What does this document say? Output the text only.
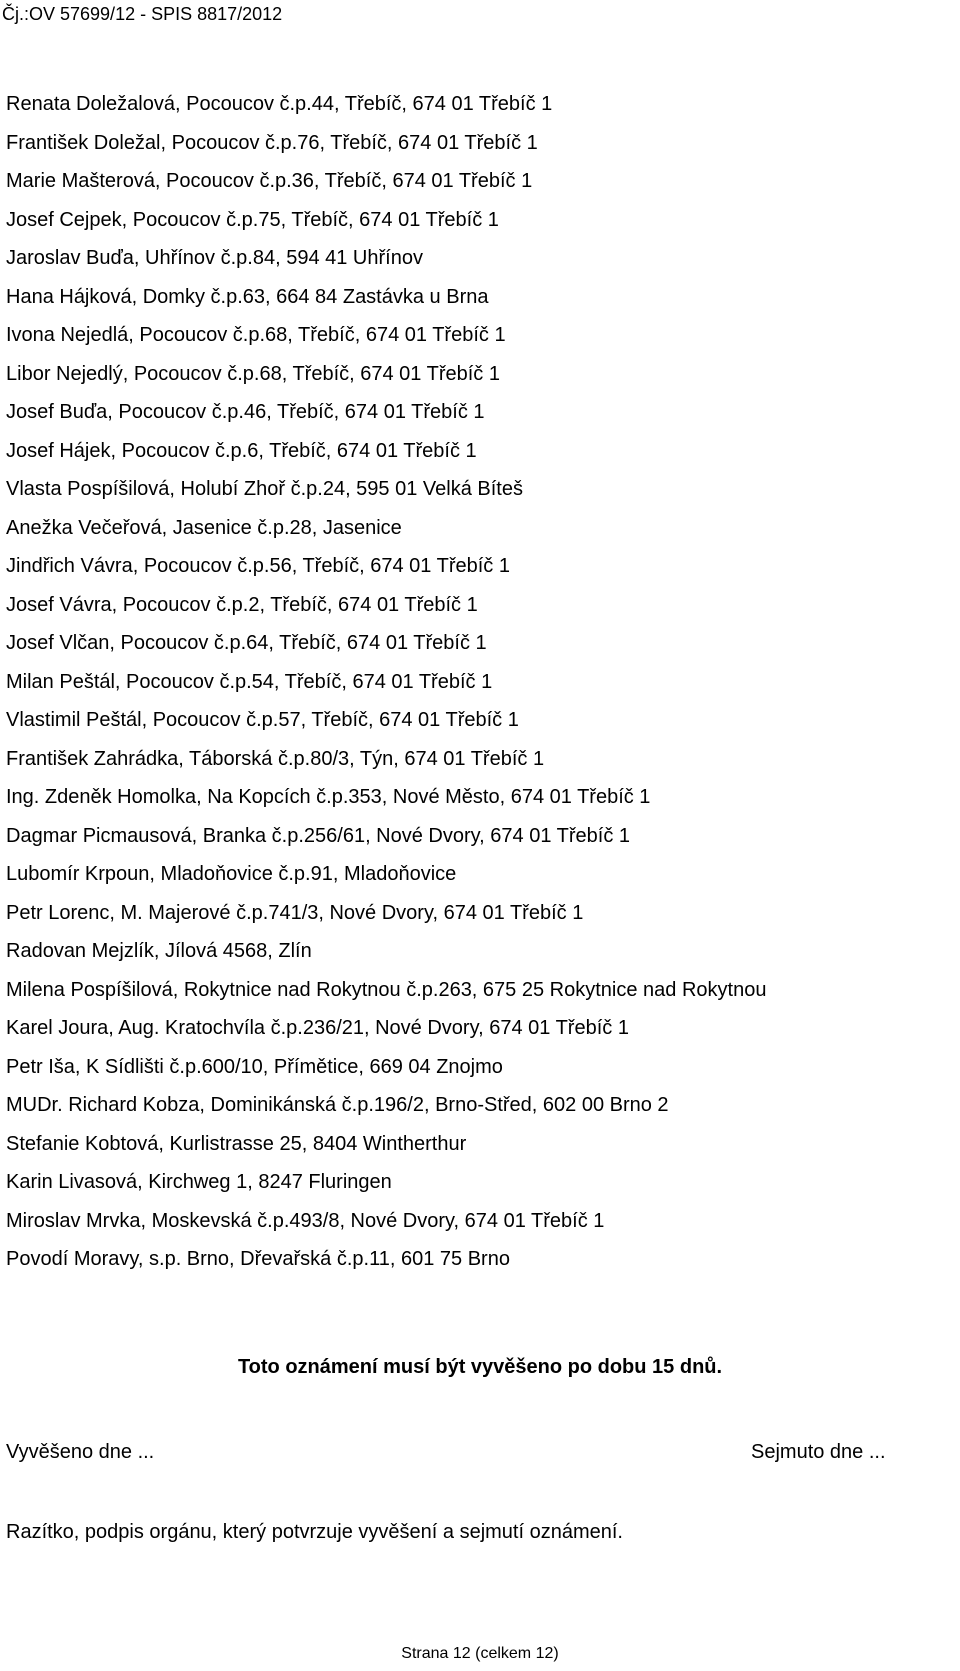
Čj.:OV 57699/12 - SPIS 8817/2012
Renata Doležalová, Pocoucov č.p.44, Třebíč, 674 01 Třebíč 1
František Doležal, Pocoucov č.p.76, Třebíč, 674 01 Třebíč 1
Marie Mašterová, Pocoucov č.p.36, Třebíč, 674 01 Třebíč 1
Josef Cejpek, Pocoucov č.p.75, Třebíč, 674 01 Třebíč 1
Jaroslav Buďa, Uhřínov č.p.84, 594 41 Uhřínov
Hana Hájková, Domky č.p.63, 664 84 Zastávka u Brna
Ivona Nejedlá, Pocoucov č.p.68, Třebíč, 674 01 Třebíč 1
Libor Nejedlý, Pocoucov č.p.68, Třebíč, 674 01 Třebíč 1
Josef Buďa, Pocoucov č.p.46, Třebíč, 674 01 Třebíč 1
Josef Hájek, Pocoucov č.p.6, Třebíč, 674 01 Třebíč 1
Vlasta Pospíšilová, Holubí Zhoř č.p.24, 595 01 Velká Bíteš
Anežka Večeřová, Jasenice č.p.28, Jasenice
Jindřich Vávra, Pocoucov č.p.56, Třebíč, 674 01 Třebíč 1
Josef Vávra, Pocoucov č.p.2, Třebíč, 674 01 Třebíč 1
Josef Vlčan, Pocoucov č.p.64, Třebíč, 674 01 Třebíč 1
Milan Peštál, Pocoucov č.p.54, Třebíč, 674 01 Třebíč 1
Vlastimil Peštál, Pocoucov č.p.57, Třebíč, 674 01 Třebíč 1
František Zahrádka, Táborská č.p.80/3, Týn, 674 01 Třebíč 1
Ing. Zdeněk Homolka, Na Kopcích č.p.353, Nové Město, 674 01 Třebíč 1
Dagmar Picmausová, Branka č.p.256/61, Nové Dvory, 674 01 Třebíč 1
Lubomír Krpoun, Mladoňovice č.p.91, Mladoňovice
Petr Lorenc, M. Majerové č.p.741/3, Nové Dvory, 674 01 Třebíč 1
Radovan Mejzlík, Jílová 4568, Zlín
Milena Pospíšilová, Rokytnice nad Rokytnou č.p.263, 675 25 Rokytnice nad Rokytnou
Karel Joura, Aug. Kratochvíla č.p.236/21, Nové Dvory, 674 01 Třebíč 1
Petr Iša, K Sídlišti č.p.600/10, Přímětice, 669 04 Znojmo
MUDr. Richard Kobza, Dominikánská č.p.196/2, Brno-Střed, 602 00 Brno 2
Stefanie Kobtová, Kurlistrasse 25, 8404 Wintherthur
Karin Livasová, Kirchweg 1, 8247 Fluringen
Miroslav Mrvka, Moskevská č.p.493/8, Nové Dvory, 674 01 Třebíč 1
Povodí Moravy, s.p. Brno, Dřevařská č.p.11, 601 75 Brno
Toto oznámení musí být vyvěšeno po dobu 15 dnů.
Vyvěšeno dne ...	Sejmuto dne ...
Razítko, podpis orgánu, který potvrzuje vyvěšení a sejmutí oznámení.
Strana 12 (celkem 12)
